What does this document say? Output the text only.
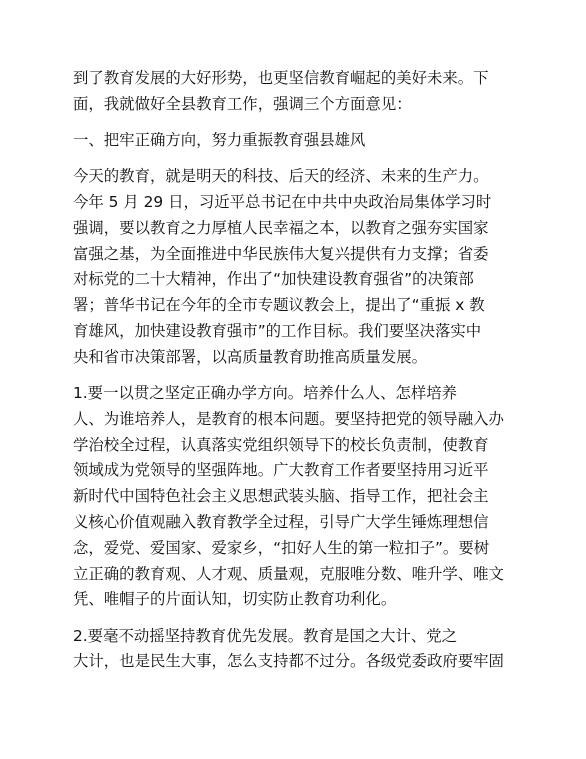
到了教育发展的大好形势，也更坚信教育崛起的美好未来。下
面，我就做好全县教育工作，强调三个方面意见：
一、把牢正确方向，努力重振教育强县雄风
今天的教育，就是明天的科技、后天的经济、未来的生产力。
今年 5 月 29 日，习近平总书记在中共中央政治局集体学习时
强调，要以教育之力厚植人民幸福之本，以教育之强夯实国家
富强之基，为全面推进中华民族伟大复兴提供有力支撑；省委
对标党的二十大精神，作出了“加快建设教育强省”的决策部
署；普华书记在今年的全市专题议教会上，提出了“重振 x 教
育雄风，加快建设教育强市”的工作目标。我们要坚决落实中
央和省市决策部署，以高质量教育助推高质量发展。
1.要一以贯之坚定正确办学方向。培养什么人、怎样培养
人、为谁培养人，是教育的根本问题。要坚持把党的领导融入办
学治校全过程，认真落实党组织领导下的校长负责制，使教育
领域成为党领导的坚强阵地。广大教育工作者要坚持用习近平
新时代中国特色社会主义思想武装头脑、指导工作，把社会主
义核心价值观融入教育教学全过程，引导广大学生锤炼理想信
念，爱党、爱国家、爱家乡，“扣好人生的第一粒扣子”。要树
立正确的教育观、人才观、质量观，克服唯分数、唯升学、唯文
凭、唯帽子的片面认知，切实防止教育功利化。
2.要毫不动摇坚持教育优先发展。教育是国之大计、党之
大计，也是民生大事，怎么支持都不过分。各级党委政府要牢固
